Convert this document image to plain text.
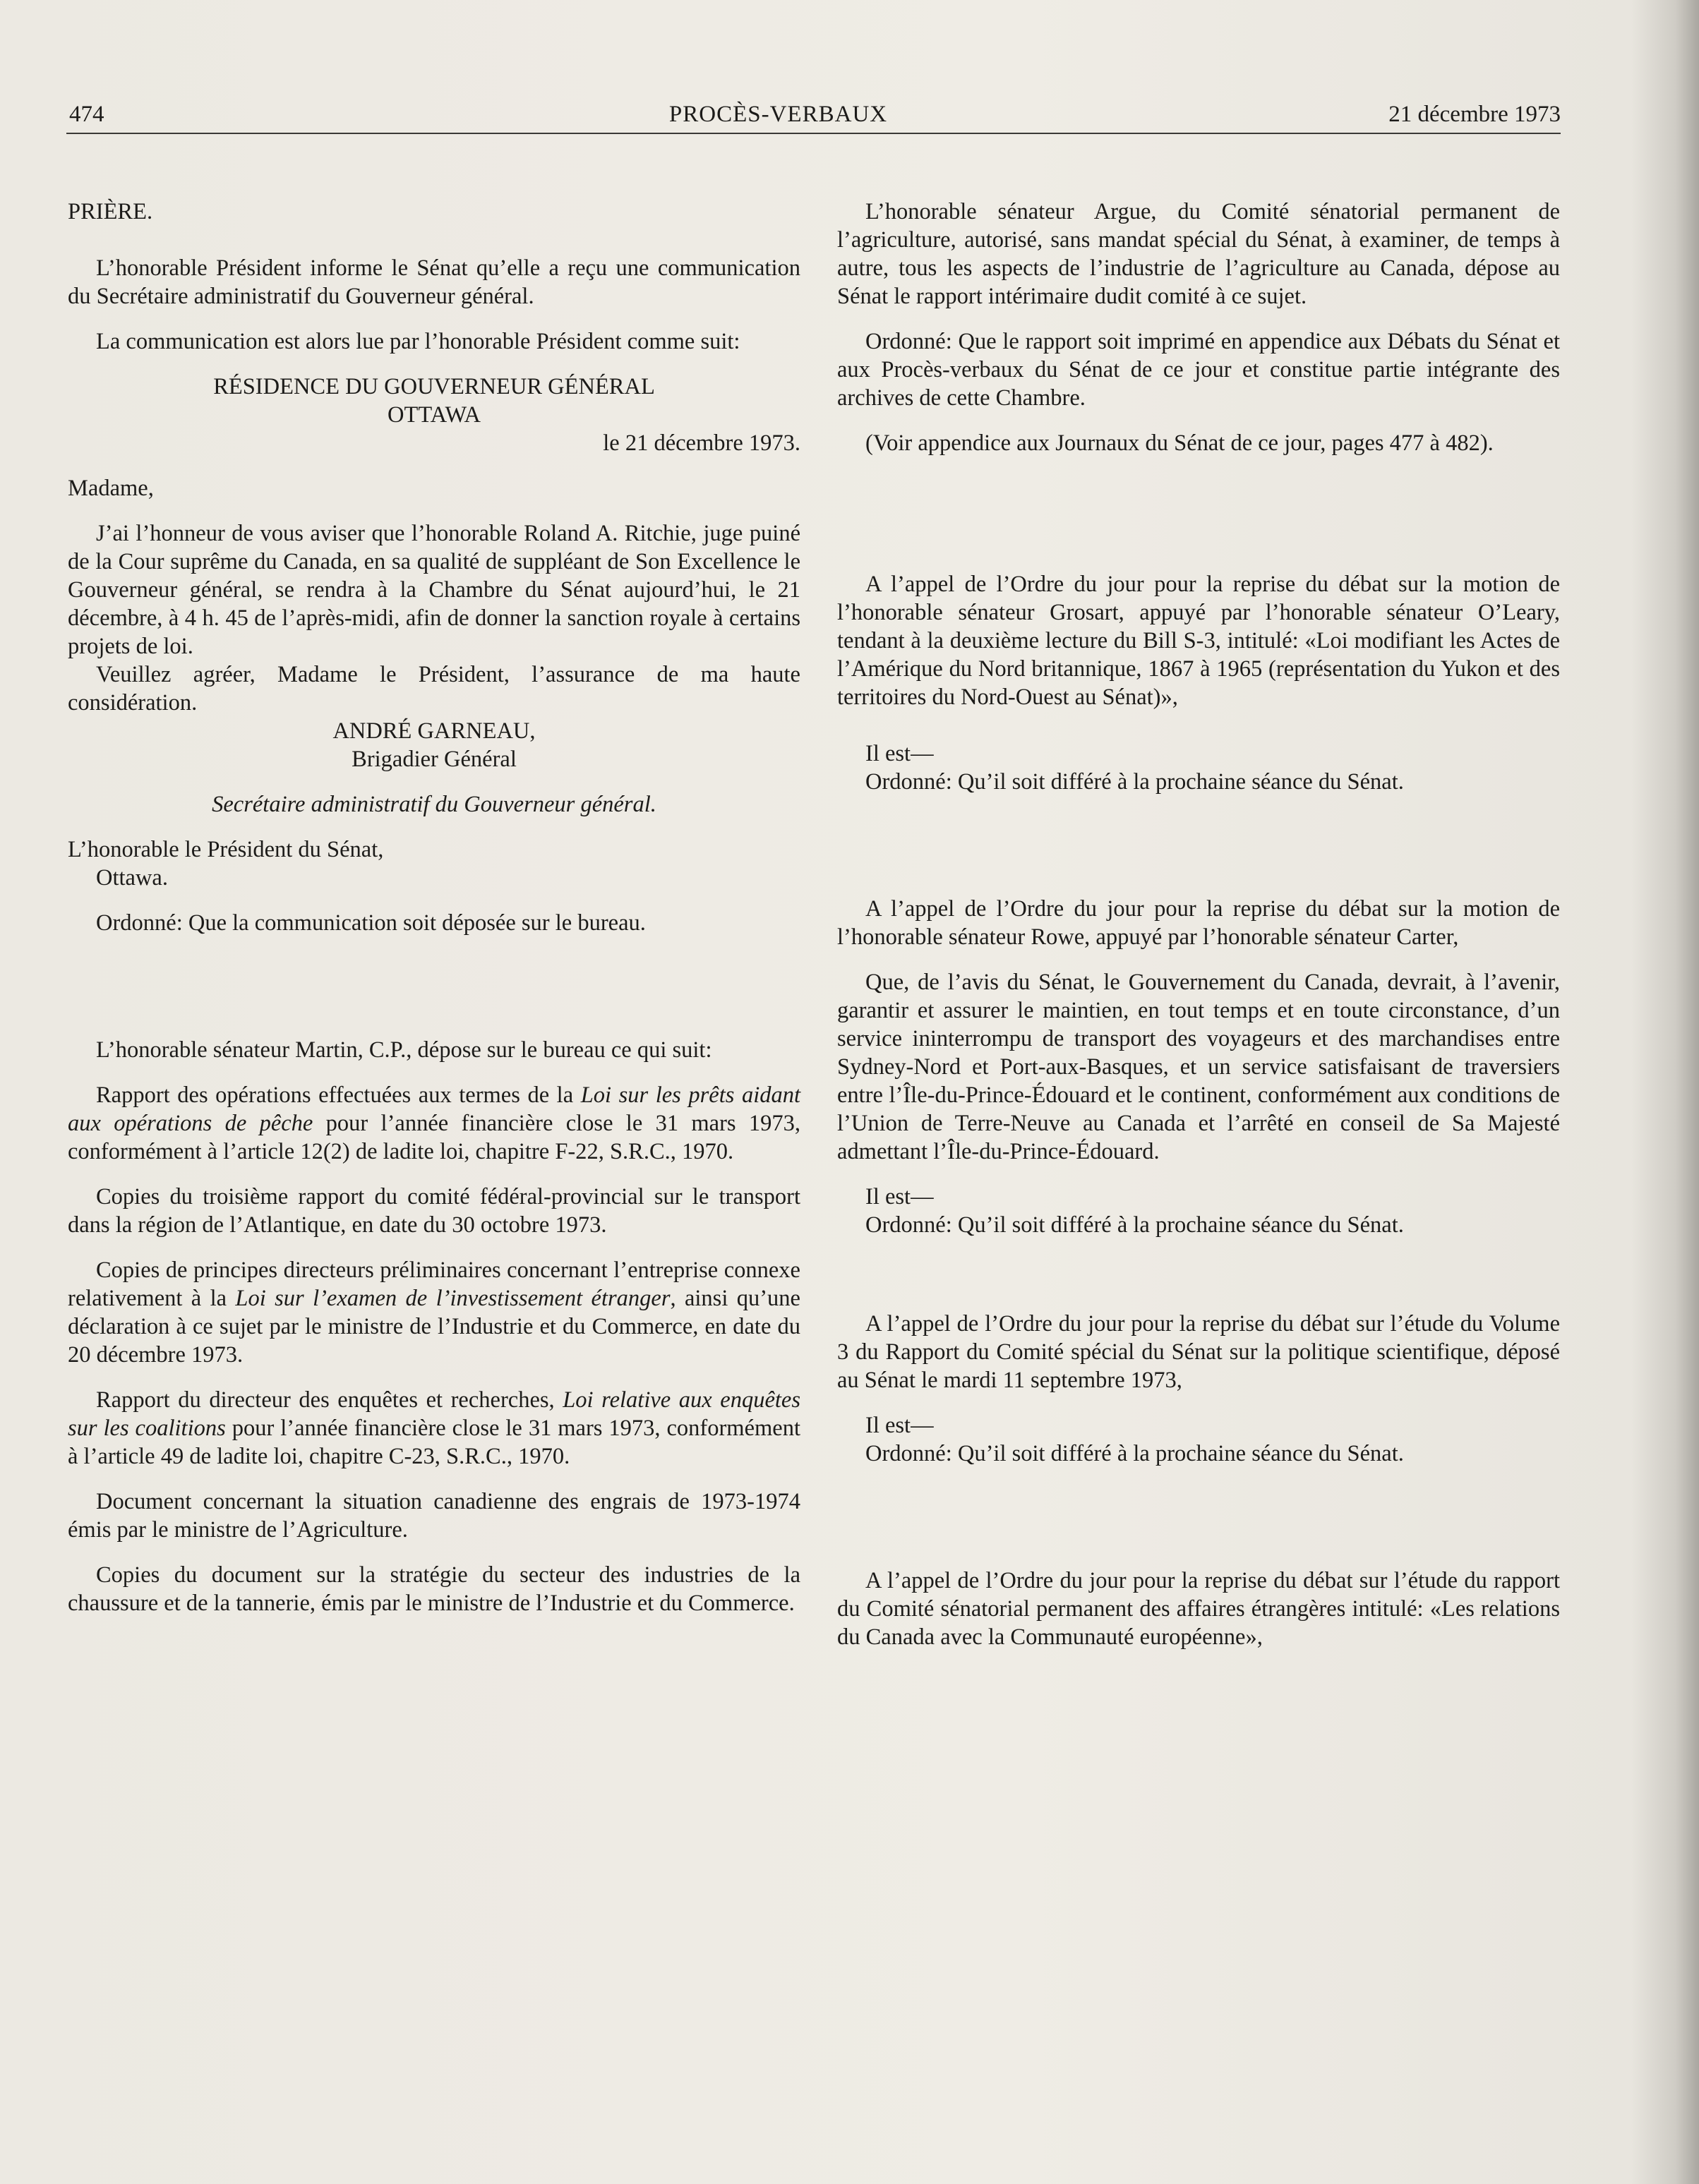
474	PROCÈS-VERBAUX	21 décembre 1973

PRIÈRE.

L’honorable Président informe le Sénat qu’elle a reçu une communication du Secrétaire administratif du Gouverneur général.

La communication est alors lue par l’honorable Président comme suit:

RÉSIDENCE DU GOUVERNEUR GÉNÉRAL

OTTAWA

le 21 décembre 1973.

Madame,

J’ai l’honneur de vous aviser que l’honorable Roland A. Ritchie, juge puiné de la Cour suprême du Canada, en sa qualité de suppléant de Son Excellence le Gouverneur général, se rendra à la Chambre du Sénat aujourd’hui, le 21 décembre, à 4 h. 45 de l’après-midi, afin de donner la sanction royale à certains projets de loi.

Veuillez agréer, Madame le Président, l’assurance de ma haute considération.

ANDRÉ GARNEAU,

Brigadier Général

Secrétaire administratif du Gouverneur général.

L’honorable le Président du Sénat,

Ottawa.

Ordonné: Que la communication soit déposée sur le bureau.

L’honorable sénateur Martin, C.P., dépose sur le bureau ce qui suit:

Rapport des opérations effectuées aux termes de la Loi sur les prêts aidant aux opérations de pêche pour l’année financière close le 31 mars 1973, conformément à l’article 12(2) de ladite loi, chapitre F-22, S.R.C., 1970.

Copies du troisième rapport du comité fédéral-provincial sur le transport dans la région de l’Atlantique, en date du 30 octobre 1973.

Copies de principes directeurs préliminaires concernant l’entreprise connexe relativement à la Loi sur l’examen de l’investissement étranger, ainsi qu’une déclaration à ce sujet par le ministre de l’Industrie et du Commerce, en date du 20 décembre 1973.

Rapport du directeur des enquêtes et recherches, Loi relative aux enquêtes sur les coalitions pour l’année financière close le 31 mars 1973, conformément à l’article 49 de ladite loi, chapitre C-23, S.R.C., 1970.

Document concernant la situation canadienne des engrais de 1973-1974 émis par le ministre de l’Agriculture.

Copies du document sur la stratégie du secteur des industries de la chaussure et de la tannerie, émis par le ministre de l’Industrie et du Commerce.

L’honorable sénateur Argue, du Comité sénatorial permanent de l’agriculture, autorisé, sans mandat spécial du Sénat, à examiner, de temps à autre, tous les aspects de l’industrie de l’agriculture au Canada, dépose au Sénat le rapport intérimaire dudit comité à ce sujet.

Ordonné: Que le rapport soit imprimé en appendice aux Débats du Sénat et aux Procès-verbaux du Sénat de ce jour et constitue partie intégrante des archives de cette Chambre.

(Voir appendice aux Journaux du Sénat de ce jour, pages 477 à 482).

A l’appel de l’Ordre du jour pour la reprise du débat sur la motion de l’honorable sénateur Grosart, appuyé par l’honorable sénateur O’Leary, tendant à la deuxième lecture du Bill S-3, intitulé: «Loi modifiant les Actes de l’Amérique du Nord britannique, 1867 à 1965 (représentation du Yukon et des territoires du Nord-Ouest au Sénat)»,

Il est—

Ordonné: Qu’il soit différé à la prochaine séance du Sénat.

A l’appel de l’Ordre du jour pour la reprise du débat sur la motion de l’honorable sénateur Rowe, appuyé par l’honorable sénateur Carter,

Que, de l’avis du Sénat, le Gouvernement du Canada, devrait, à l’avenir, garantir et assurer le maintien, en tout temps et en toute circonstance, d’un service ininterrompu de transport des voyageurs et des marchandises entre Sydney-Nord et Port-aux-Basques, et un service satisfaisant de traversiers entre l’Île-du-Prince-Édouard et le continent, conformément aux conditions de l’Union de Terre-Neuve au Canada et l’arrêté en conseil de Sa Majesté admettant l’Île-du-Prince-Édouard.

Il est—

Ordonné: Qu’il soit différé à la prochaine séance du Sénat.

A l’appel de l’Ordre du jour pour la reprise du débat sur l’étude du Volume 3 du Rapport du Comité spécial du Sénat sur la politique scientifique, déposé au Sénat le mardi 11 septembre 1973,

Il est—

Ordonné: Qu’il soit différé à la prochaine séance du Sénat.

A l’appel de l’Ordre du jour pour la reprise du débat sur l’étude du rapport du Comité sénatorial permanent des affaires étrangères intitulé: «Les relations du Canada avec la Communauté européenne»,
